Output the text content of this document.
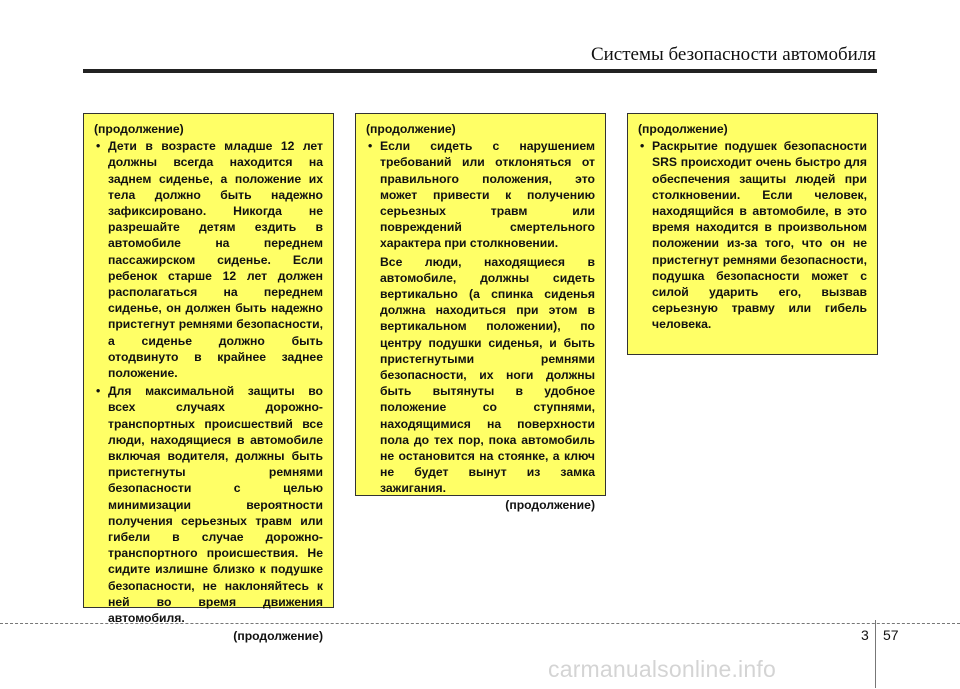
Системы безопасности автомобиля
(продолжение)
• Дети в возрасте младше 12 лет должны всегда находится на заднем сиденье, а положение их тела должно быть надежно зафиксировано. Никогда не разрешайте детям ездить в автомобиле на переднем пассажирском сиденье. Если ребенок старше 12 лет должен располагаться на переднем сиденье, он должен быть надежно пристегнут ремнями безопасности, а сиденье должно быть отодвинуто в крайнее заднее положение.
• Для максимальной защиты во всех случаях дорожно-транспортных происшествий все люди, находящиеся в автомобиле включая водителя, должны быть пристегнуты ремнями безопасности с целью минимизации вероятности получения серьезных травм или гибели в случае дорожно-транспортного происшествия. Не сидите излишне близко к подушке безопасности, не наклоняйтесь к ней во время движения автомобиля.
(продолжение)
(продолжение)
• Если сидеть с нарушением требований или отклоняться от правильного положения, это может привести к получению серьезных травм или повреждений смертельного характера при столкновении.
Все люди, находящиеся в автомобиле, должны сидеть вертикально (а спинка сиденья должна находиться при этом в вертикальном положении), по центру подушки сиденья, и быть пристегнутыми ремнями безопасности, их ноги должны быть вытянуты в удобное положение со ступнями, находящимися на поверхности пола до тех пор, пока автомобиль не остановится на стоянке, а ключ не будет вынут из замка зажигания.
(продолжение)
(продолжение)
• Раскрытие подушек безопасности SRS происходит очень быстро для обеспечения защиты людей при столкновении. Если человек, находящийся в автомобиле, в это время находится в произвольном положении из-за того, что он не пристегнут ремнями безопасности, подушка безопасности может с силой ударить его, вызвав серьезную травму или гибель человека.
3 57
carmanualsonline.info
